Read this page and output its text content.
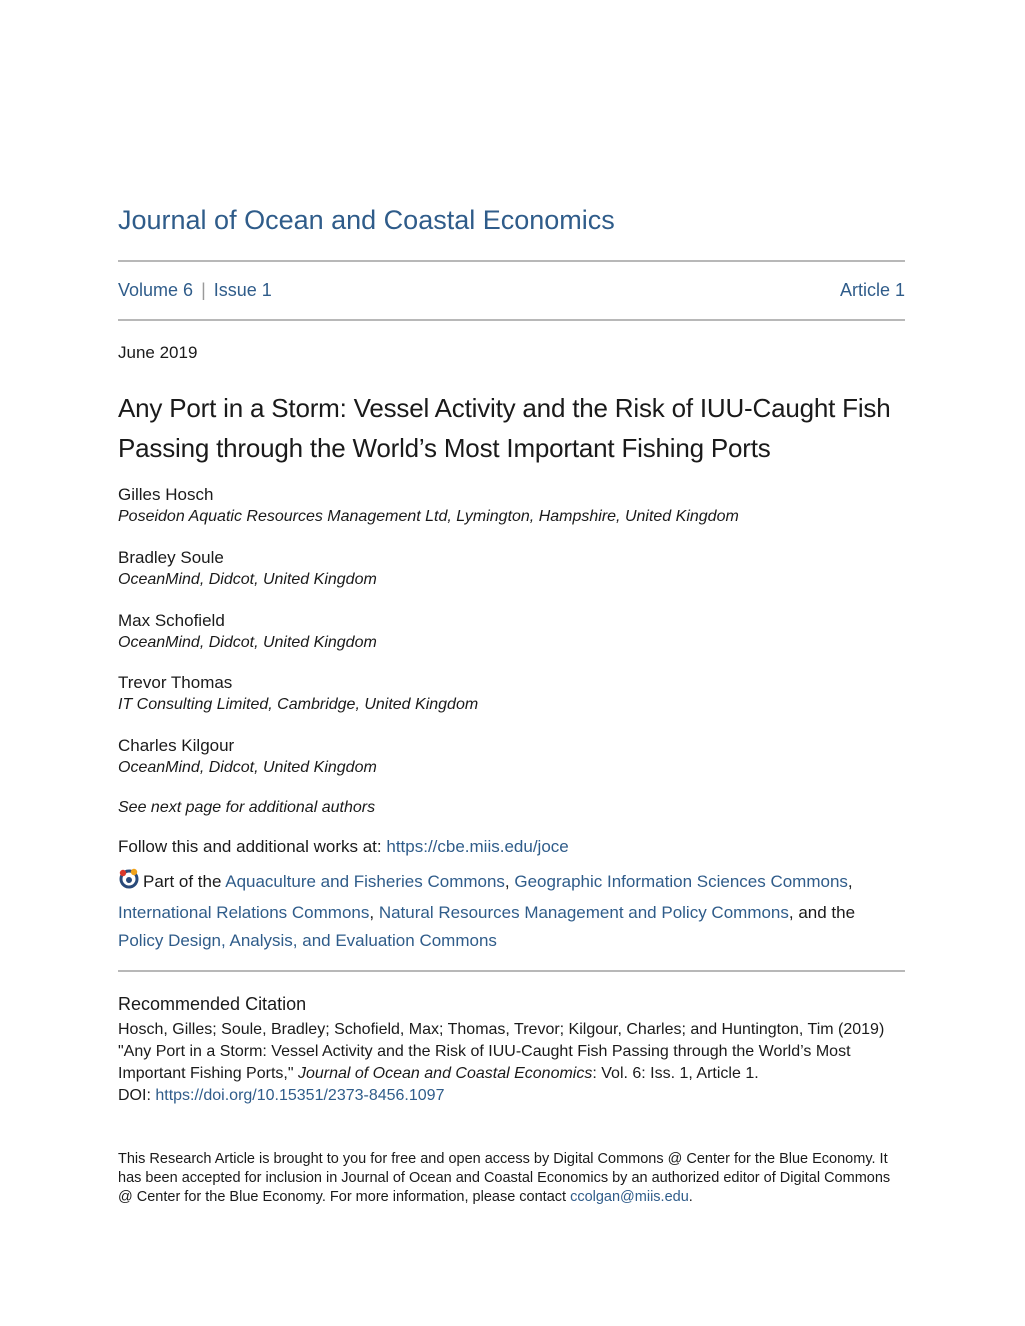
Journal of Ocean and Coastal Economics
Volume 6 | Issue 1	Article 1
June 2019
Any Port in a Storm: Vessel Activity and the Risk of IUU-Caught Fish Passing through the World’s Most Important Fishing Ports
Gilles Hosch
Poseidon Aquatic Resources Management Ltd, Lymington, Hampshire, United Kingdom
Bradley Soule
OceanMind, Didcot, United Kingdom
Max Schofield
OceanMind, Didcot, United Kingdom
Trevor Thomas
IT Consulting Limited, Cambridge, United Kingdom
Charles Kilgour
OceanMind, Didcot, United Kingdom
See next page for additional authors
Follow this and additional works at: https://cbe.miis.edu/joce
Part of the Aquaculture and Fisheries Commons, Geographic Information Sciences Commons, International Relations Commons, Natural Resources Management and Policy Commons, and the Policy Design, Analysis, and Evaluation Commons
Recommended Citation
Hosch, Gilles; Soule, Bradley; Schofield, Max; Thomas, Trevor; Kilgour, Charles; and Huntington, Tim (2019) "Any Port in a Storm: Vessel Activity and the Risk of IUU-Caught Fish Passing through the World’s Most Important Fishing Ports," Journal of Ocean and Coastal Economics: Vol. 6: Iss. 1, Article 1.
DOI: https://doi.org/10.15351/2373-8456.1097
This Research Article is brought to you for free and open access by Digital Commons @ Center for the Blue Economy. It has been accepted for inclusion in Journal of Ocean and Coastal Economics by an authorized editor of Digital Commons @ Center for the Blue Economy. For more information, please contact ccolgan@miis.edu.
